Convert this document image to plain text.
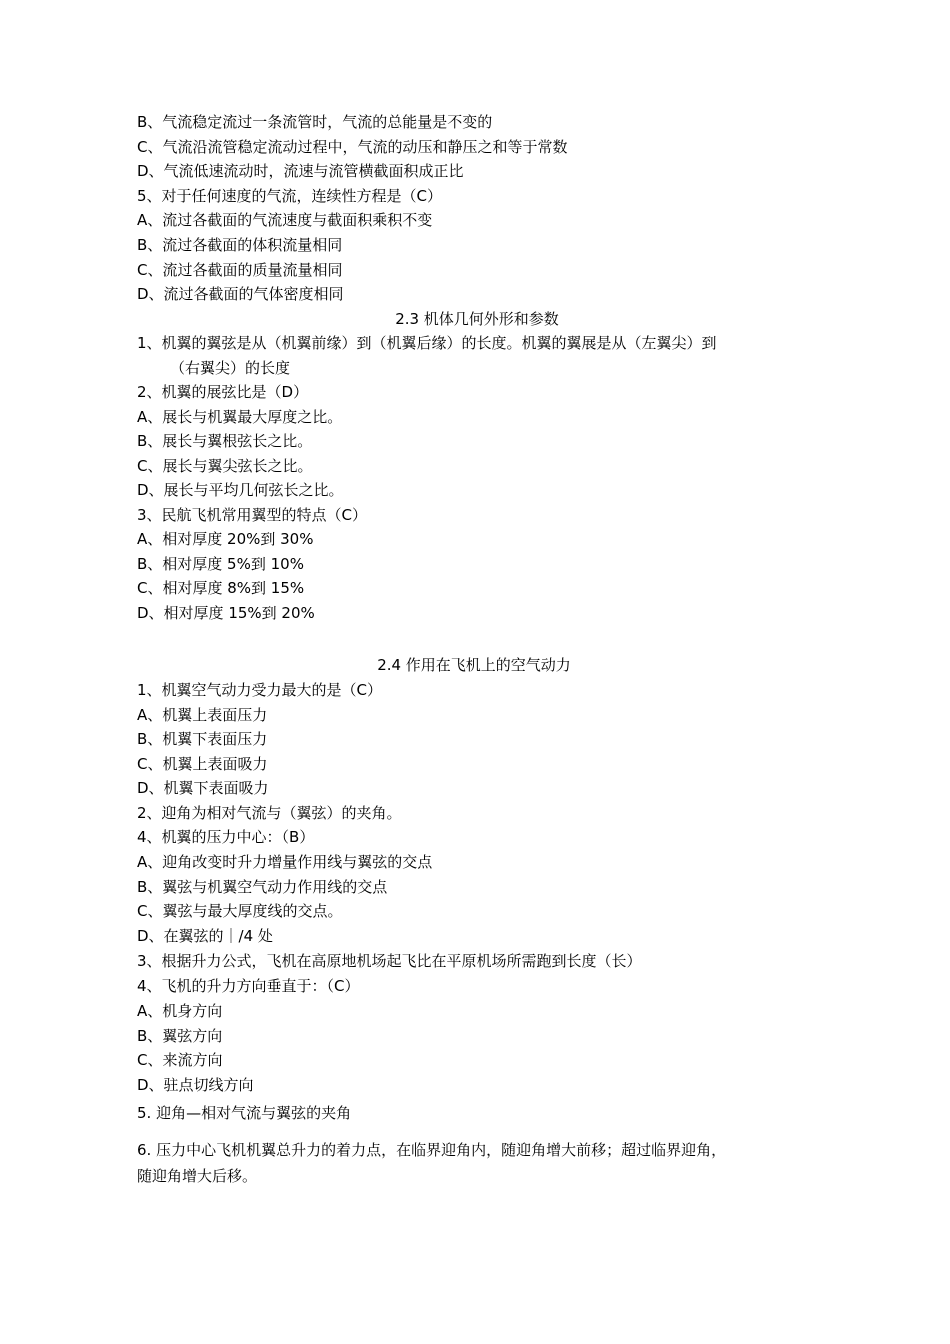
B、气流稳定流过一条流管时，气流的总能量是不变的
C、气流沿流管稳定流动过程中，气流的动压和静压之和等于常数
D、气流低速流动时，流速与流管横截面积成正比
5、对于任何速度的气流，连续性方程是（C）
A、流过各截面的气流速度与截面积乘积不变
B、流过各截面的体积流量相同
C、流过各截面的质量流量相同
D、流过各截面的气体密度相同
2.3 机体几何外形和参数
1、机翼的翼弦是从（机翼前缘）到（机翼后缘）的长度。机翼的翼展是从（左翼尖）到
（右翼尖）的长度
2、机翼的展弦比是（D）
A、展长与机翼最大厚度之比。
B、展长与翼根弦长之比。
C、展长与翼尖弦长之比。
D、展长与平均几何弦长之比。
3、民航飞机常用翼型的特点（C）
A、相对厚度 20%到 30%
B、相对厚度 5%到 10%
C、相对厚度 8%到 15%
D、相对厚度 15%到 20%
2.4 作用在飞机上的空气动力
1、机翼空气动力受力最大的是（C）
A、机翼上表面压力
B、机翼下表面压力
C、机翼上表面吸力
D、机翼下表面吸力
2、迎角为相对气流与（翼弦）的夹角。
4、机翼的压力中心：（B）
A、迎角改变时升力增量作用线与翼弦的交点
B、翼弦与机翼空气动力作用线的交点
C、翼弦与最大厚度线的交点。
D、在翼弦的｜/4 处
3、根据升力公式，飞机在高原地机场起飞比在平原机场所需跑到长度（长）
4、飞机的升力方向垂直于：（C）
A、机身方向
B、翼弦方向
C、来流方向
D、驻点切线方向
5. 迎角—相对气流与翼弦的夹角
6. 压力中心飞机机翼总升力的着力点，在临界迎角内，随迎角增大前移；超过临界迎角，
随迎角增大后移。
